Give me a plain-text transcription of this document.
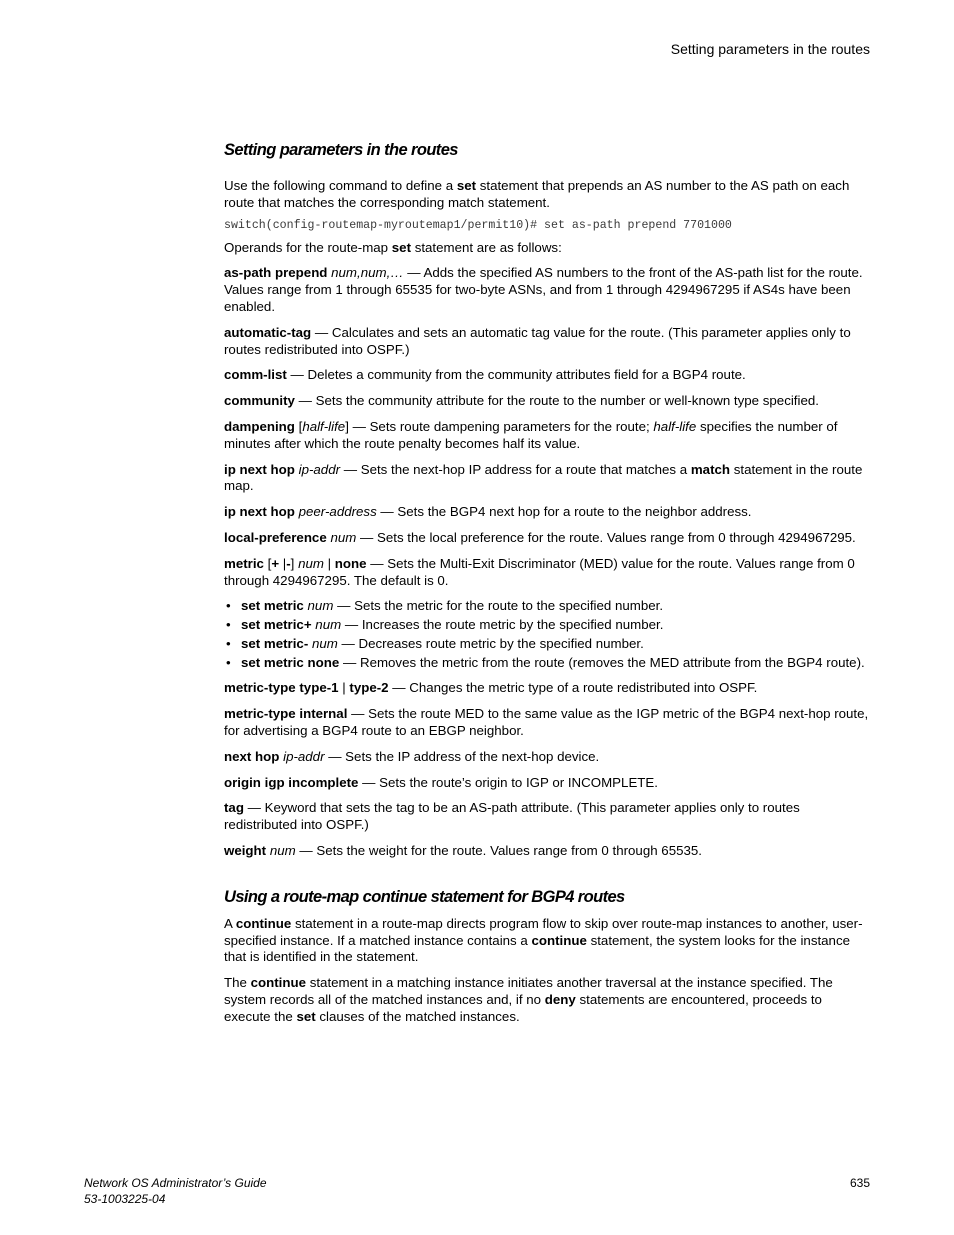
Setting parameters in the routes
Setting parameters in the routes

Use the following command to define a set statement that prepends an AS number to the AS path on each route that matches the corresponding match statement.

switch(config-routemap-myroutemap1/permit10)# set as-path prepend 7701000

Operands for the route-map set statement are as follows:

as-path prepend num,num,… — Adds the specified AS numbers to the front of the AS-path list for the route. Values range from 1 through 65535 for two-byte ASNs, and from 1 through 4294967295 if AS4s have been enabled.

automatic-tag — Calculates and sets an automatic tag value for the route. (This parameter applies only to routes redistributed into OSPF.)

comm-list — Deletes a community from the community attributes field for a BGP4 route.

community — Sets the community attribute for the route to the number or well-known type specified.

dampening [half-life] — Sets route dampening parameters for the route; half-life specifies the number of minutes after which the route penalty becomes half its value.

ip next hop ip-addr — Sets the next-hop IP address for a route that matches a match statement in the route map.

ip next hop peer-address — Sets the BGP4 next hop for a route to the neighbor address.

local-preference num — Sets the local preference for the route. Values range from 0 through 4294967295.

metric [+ |-] num | none — Sets the Multi-Exit Discriminator (MED) value for the route. Values range from 0 through 4294967295. The default is 0.

• set metric num — Sets the metric for the route to the specified number.
• set metric+ num — Increases the route metric by the specified number.
• set metric- num — Decreases route metric by the specified number.
• set metric none — Removes the metric from the route (removes the MED attribute from the BGP4 route).

metric-type type-1 | type-2 — Changes the metric type of a route redistributed into OSPF.

metric-type internal — Sets the route MED to the same value as the IGP metric of the BGP4 next-hop route, for advertising a BGP4 route to an EBGP neighbor.

next hop ip-addr — Sets the IP address of the next-hop device.

origin igp incomplete — Sets the route’s origin to IGP or INCOMPLETE.

tag — Keyword that sets the tag to be an AS-path attribute. (This parameter applies only to routes redistributed into OSPF.)

weight num — Sets the weight for the route. Values range from 0 through 65535.

Using a route-map continue statement for BGP4 routes

A continue statement in a route-map directs program flow to skip over route-map instances to another, user-specified instance. If a matched instance contains a continue statement, the system looks for the instance that is identified in the statement.

The continue statement in a matching instance initiates another traversal at the instance specified. The system records all of the matched instances and, if no deny statements are encountered, proceeds to execute the set clauses of the matched instances.

Network OS Administrator’s Guide
53-1003225-04
635
